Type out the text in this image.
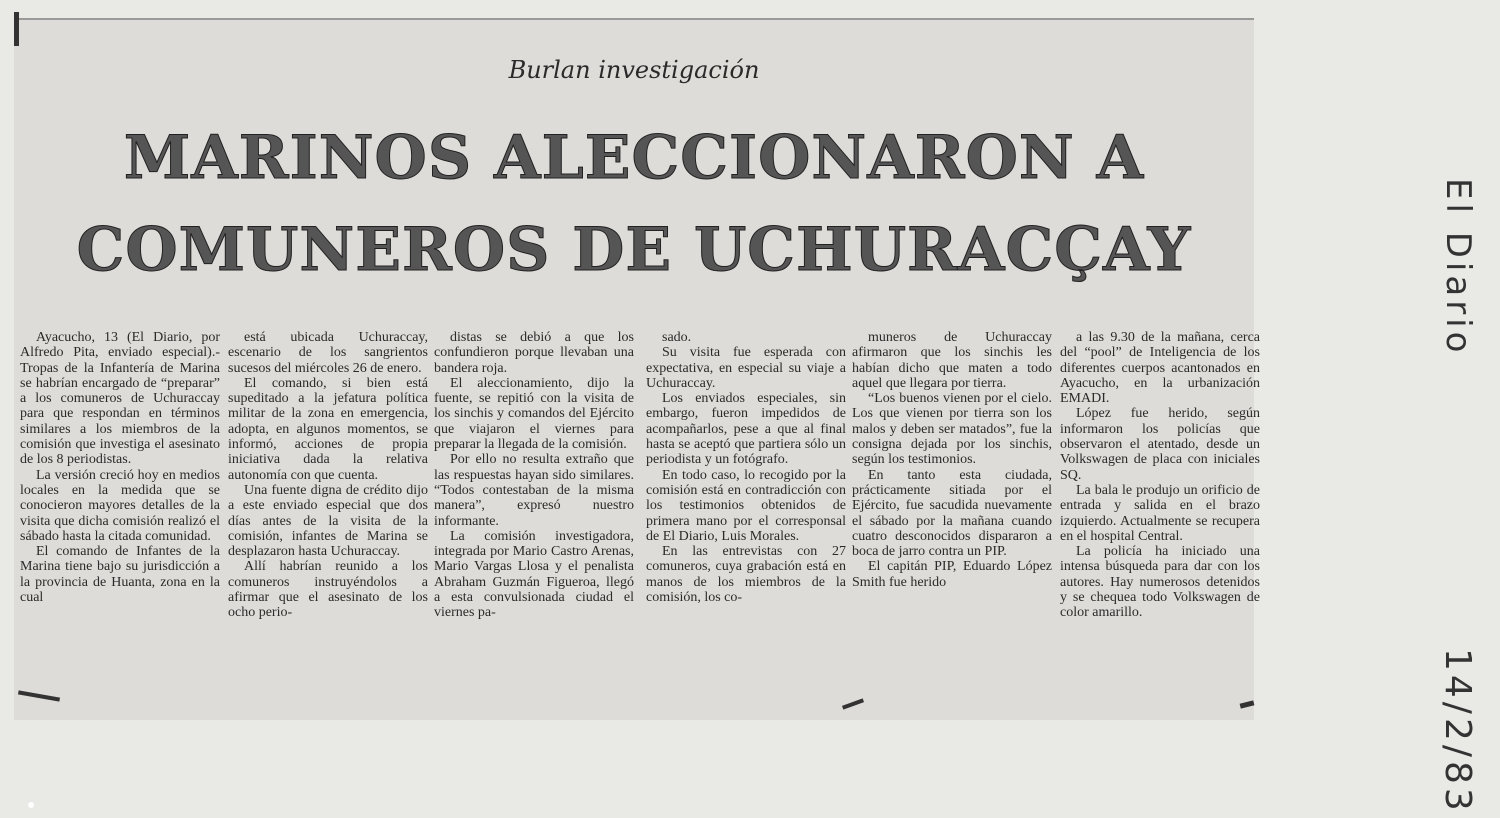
Burlan investigación
MARINOS ALECCIONARON A
COMUNEROS DE UCHURACÇAY

Ayacucho, 13 (El Diario, por Alfredo Pita, enviado especial).- Tropas de la Infantería de Marina se habrían encargado de “preparar” a los comuneros de Uchuraccay para que respondan en términos similares a los miembros de la comisión que investiga el asesinato de los 8 periodistas.

La versión creció hoy en medios locales en la medida que se conocieron mayores detalles de la visita que dicha comisión realizó el sábado hasta la citada comunidad.

El comando de Infantes de la Marina tiene bajo su jurisdicción a la provincia de Huanta, zona en la cual

está ubicada Uchuraccay, escenario de los sangrientos sucesos del miércoles 26 de enero.

El comando, si bien está supeditado a la jefatura política militar de la zona en emergencia, adopta, en algunos momentos, se informó, acciones de propia iniciativa dada la relativa autonomía con que cuenta.

Una fuente digna de crédito dijo a este enviado especial que dos días antes de la visita de la comisión, infantes de Marina se desplazaron hasta Uchuraccay.

Allí habrían reunido a los comuneros instruyéndolos a afirmar que el asesinato de los ocho perio-

distas se debió a que los confundieron porque llevaban una bandera roja.

El aleccionamiento, dijo la fuente, se repitió con la visita de los sinchis y comandos del Ejército que viajaron el viernes para preparar la llegada de la comisión.

Por ello no resulta extraño que las respuestas hayan sido similares. “Todos contestaban de la misma manera”, expresó nuestro informante.

La comisión investigadora, integrada por Mario Castro Arenas, Mario Vargas Llosa y el penalista Abraham Guzmán Figueroa, llegó a esta convulsionada ciudad el viernes pa-

sado.

Su visita fue esperada con expectativa, en especial su viaje a Uchuraccay.

Los enviados especiales, sin embargo, fueron impedidos de acompañarlos, pese a que al final hasta se aceptó que partiera sólo un periodista y un fotógrafo.

En todo caso, lo recogido por la comisión está en contradicción con los testimonios obtenidos de primera mano por el corresponsal de El Diario, Luis Morales.

En las entrevistas con 27 comuneros, cuya grabación está en manos de los miembros de la comisión, los co-

muneros de Uchuraccay afirmaron que los sinchis les habían dicho que maten a todo aquel que llegara por tierra.

“Los buenos vienen por el cielo. Los que vienen por tierra son los malos y deben ser matados”, fue la consigna dejada por los sinchis, según los testimonios.

En tanto esta ciudada, prácticamente sitiada por el Ejército, fue sacudida nuevamente el sábado por la mañana cuando cuatro desconocidos dispararon a boca de jarro contra un PIP.

El capitán PIP, Eduardo López Smith fue herido

a las 9.30 de la mañana, cerca del “pool” de Inteligencia de los diferentes cuerpos acantonados en Ayacucho, en la urbanización EMADI.

López fue herido, según informaron los policías que observaron el atentado, desde un Volkswagen de placa con iniciales SQ.

La bala le produjo un orificio de entrada y salida en el brazo izquierdo. Actualmente se recupera en el hospital Central.

La policía ha iniciado una intensa búsqueda para dar con los autores. Hay numerosos detenidos y se chequea todo Volkswagen de color amarillo.

El Diario
14/2/83
